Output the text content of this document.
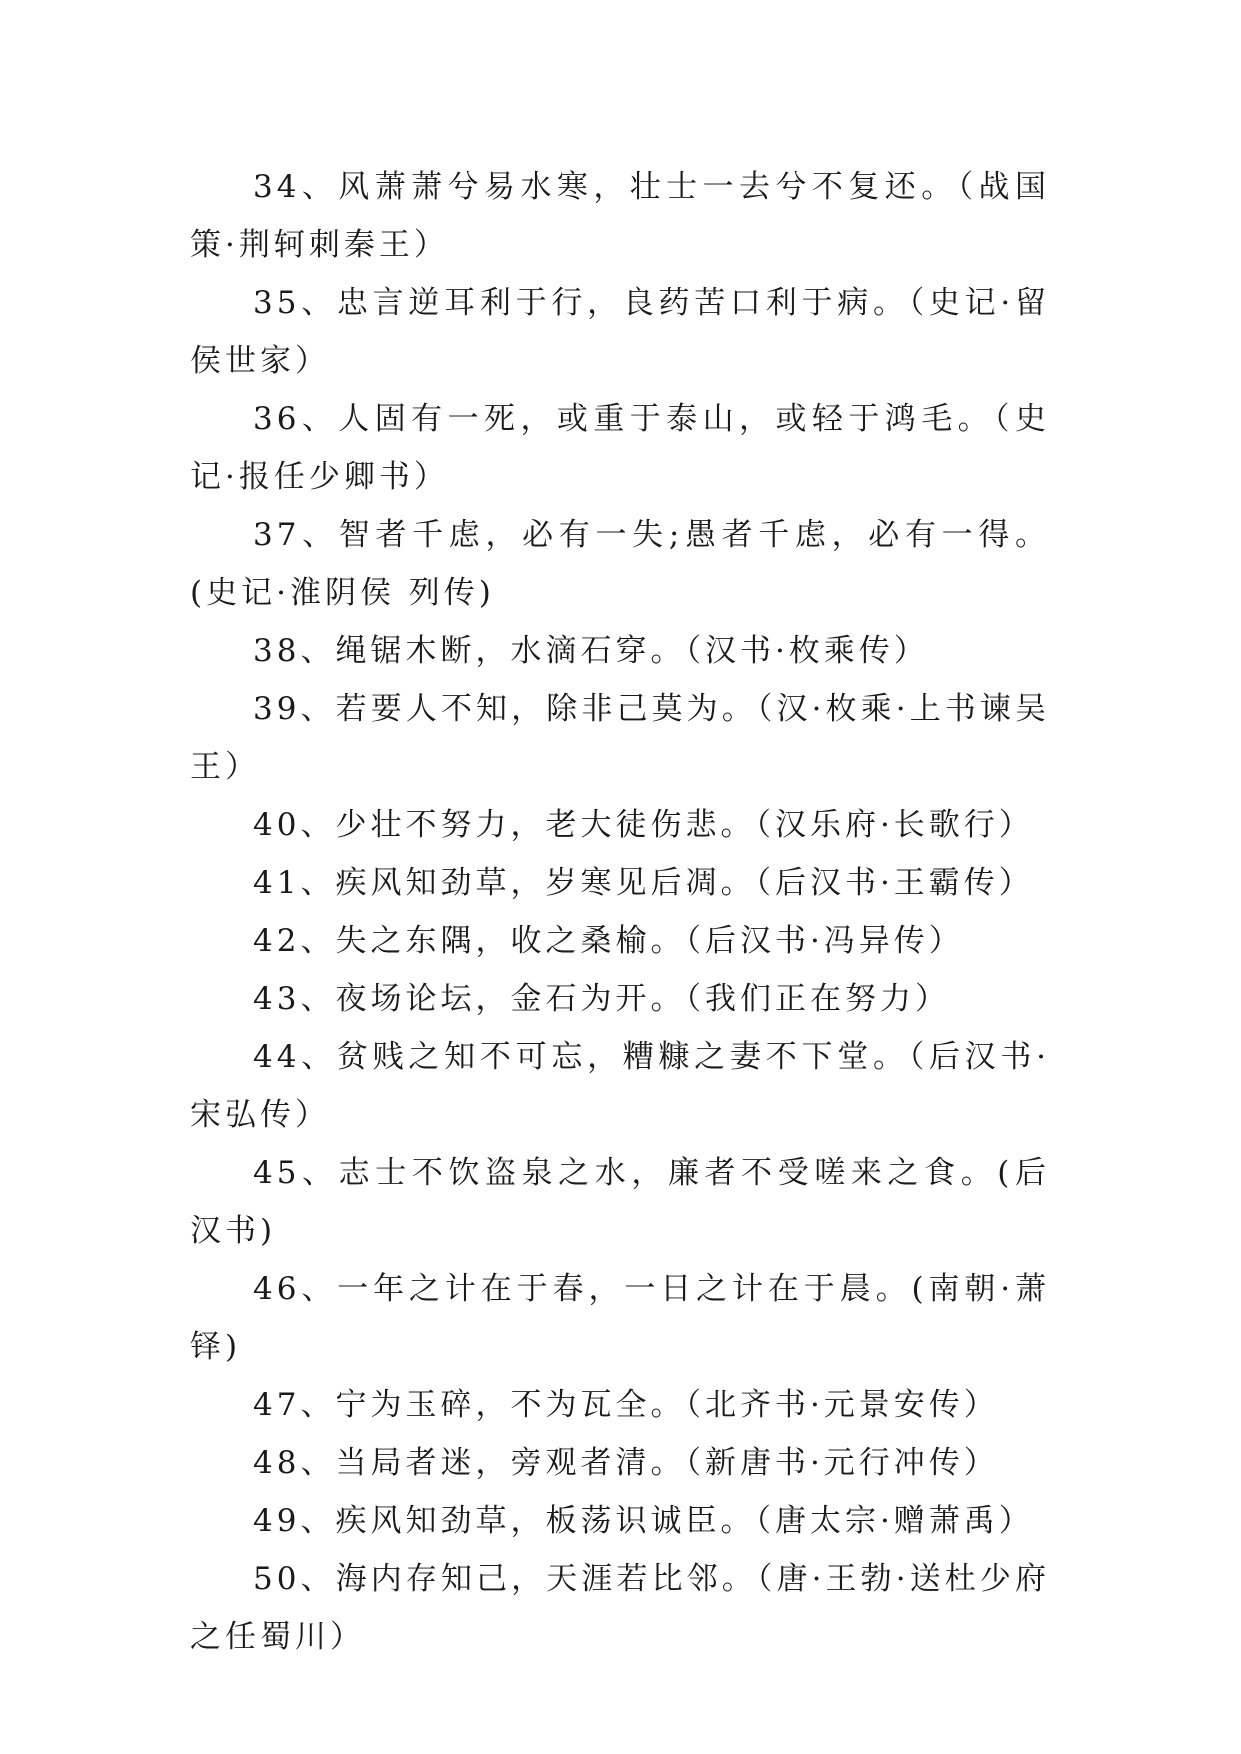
34、风萧萧兮易水寒，壮士一去兮不复还。（战国策·荆轲刺秦王）

35、忠言逆耳利于行，良药苦口利于病。（史记·留侯世家）

36、人固有一死，或重于泰山，或轻于鸿毛。（史记·报任少卿书）

37、智者千虑，必有一失;愚者千虑，必有一得。(史记·淮阴侯 列传)

38、绳锯木断，水滴石穿。（汉书·枚乘传）

39、若要人不知，除非己莫为。（汉·枚乘·上书谏吴王）

40、少壮不努力，老大徒伤悲。（汉乐府·长歌行）

41、疾风知劲草，岁寒见后凋。（后汉书·王霸传）

42、失之东隅，收之桑榆。（后汉书·冯异传）

43、夜场论坛，金石为开。（我们正在努力）

44、贫贱之知不可忘，糟糠之妻不下堂。（后汉书·宋弘传）

45、志士不饮盗泉之水，廉者不受嗟来之食。(后汉书)

46、一年之计在于春，一日之计在于晨。(南朝·萧铎)

47、宁为玉碎，不为瓦全。（北齐书·元景安传）

48、当局者迷，旁观者清。（新唐书·元行冲传）

49、疾风知劲草，板荡识诚臣。（唐太宗·赠萧禹）

50、海内存知己，天涯若比邻。（唐·王勃·送杜少府之任蜀川）
